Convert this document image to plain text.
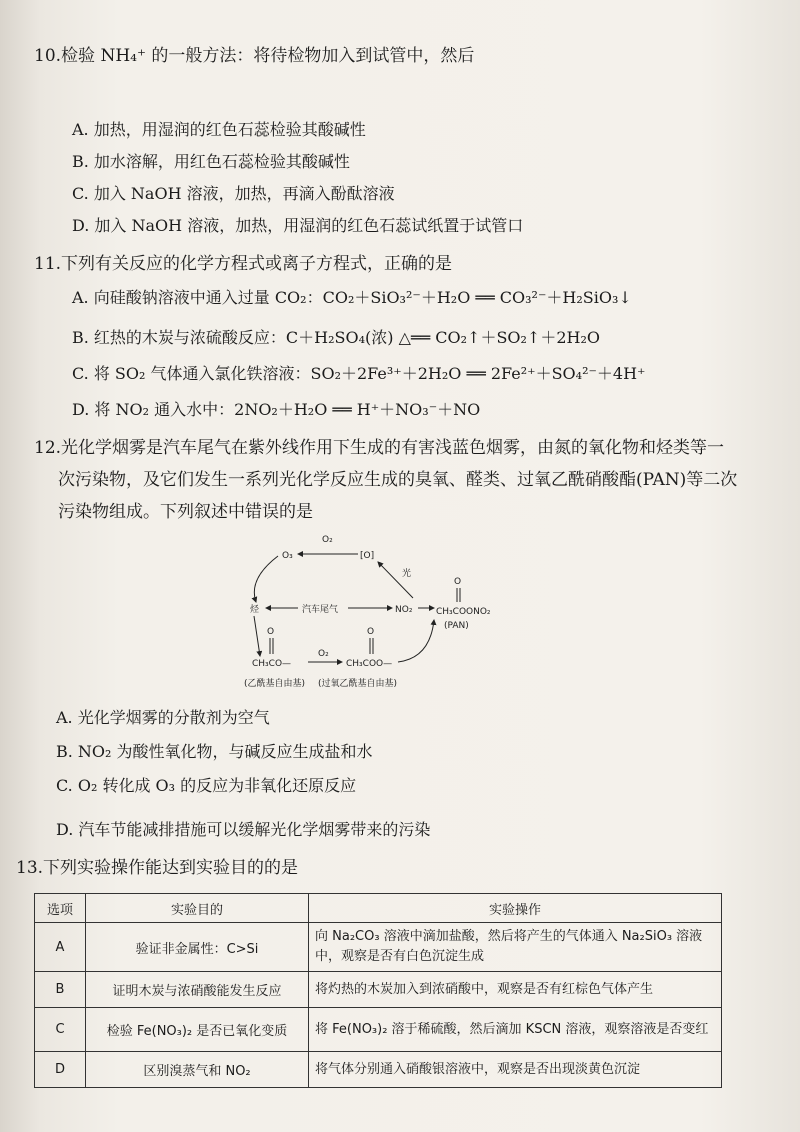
10.检验 NH₄⁺ 的一般方法：将待检物加入到试管中，然后
A. 加热，用湿润的红色石蕊检验其酸碱性
B. 加水溶解，用红色石蕊检验其酸碱性
C. 加入 NaOH 溶液，加热，再滴入酚酞溶液
D. 加入 NaOH 溶液，加热，用湿润的红色石蕊试纸置于试管口
11.下列有关反应的化学方程式或离子方程式，正确的是
A. 向硅酸钠溶液中通入过量 CO₂：CO₂＋SiO₃²⁻＋H₂O ══ CO₃²⁻＋H₂SiO₃↓
B. 红热的木炭与浓硫酸反应：C＋H₂SO₄(浓) △══ CO₂↑＋SO₂↑＋2H₂O
C. 将 SO₂ 气体通入氯化铁溶液：SO₂＋2Fe³⁺＋2H₂O ══ 2Fe²⁺＋SO₄²⁻＋4H⁺
D. 将 NO₂ 通入水中：2NO₂＋H₂O ══ H⁺＋NO₃⁻＋NO
12.光化学烟雾是汽车尾气在紫外线作用下生成的有害浅蓝色烟雾，由氮的氧化物和烃类等一
次污染物，及它们发生一系列光化学反应生成的臭氧、醛类、过氧乙酰硝酸酯(PAN)等二次
污染物组成。下列叙述中错误的是
O₃
O₂
[O]
光
烃	汽车尾气	NO₂
O
CH₃COONO₂
(PAN)
O
CH₃CO—
O₂
O
CH₃COO—
(乙酰基自由基) (过氧乙酰基自由基)
A. 光化学烟雾的分散剂为空气
B. NO₂ 为酸性氧化物，与碱反应生成盐和水
C. O₂ 转化成 O₃ 的反应为非氧化还原反应
D. 汽车节能减排措施可以缓解光化学烟雾带来的污染
13.下列实验操作能达到实验目的的是
选项	实验目的	实验操作
A	验证非金属性：C>Si	向 Na₂CO₃ 溶液中滴加盐酸，然后将产生的气体通入 Na₂SiO₃ 溶液中，观察是否有白色沉淀生成
B	证明木炭与浓硝酸能发生反应	将灼热的木炭加入到浓硝酸中，观察是否有红棕色气体产生
C	检验 Fe(NO₃)₂ 是否已氧化变质	将 Fe(NO₃)₂ 溶于稀硫酸，然后滴加 KSCN 溶液，观察溶液是否变红
D	区别溴蒸气和 NO₂	将气体分别通入硝酸银溶液中，观察是否出现淡黄色沉淀
